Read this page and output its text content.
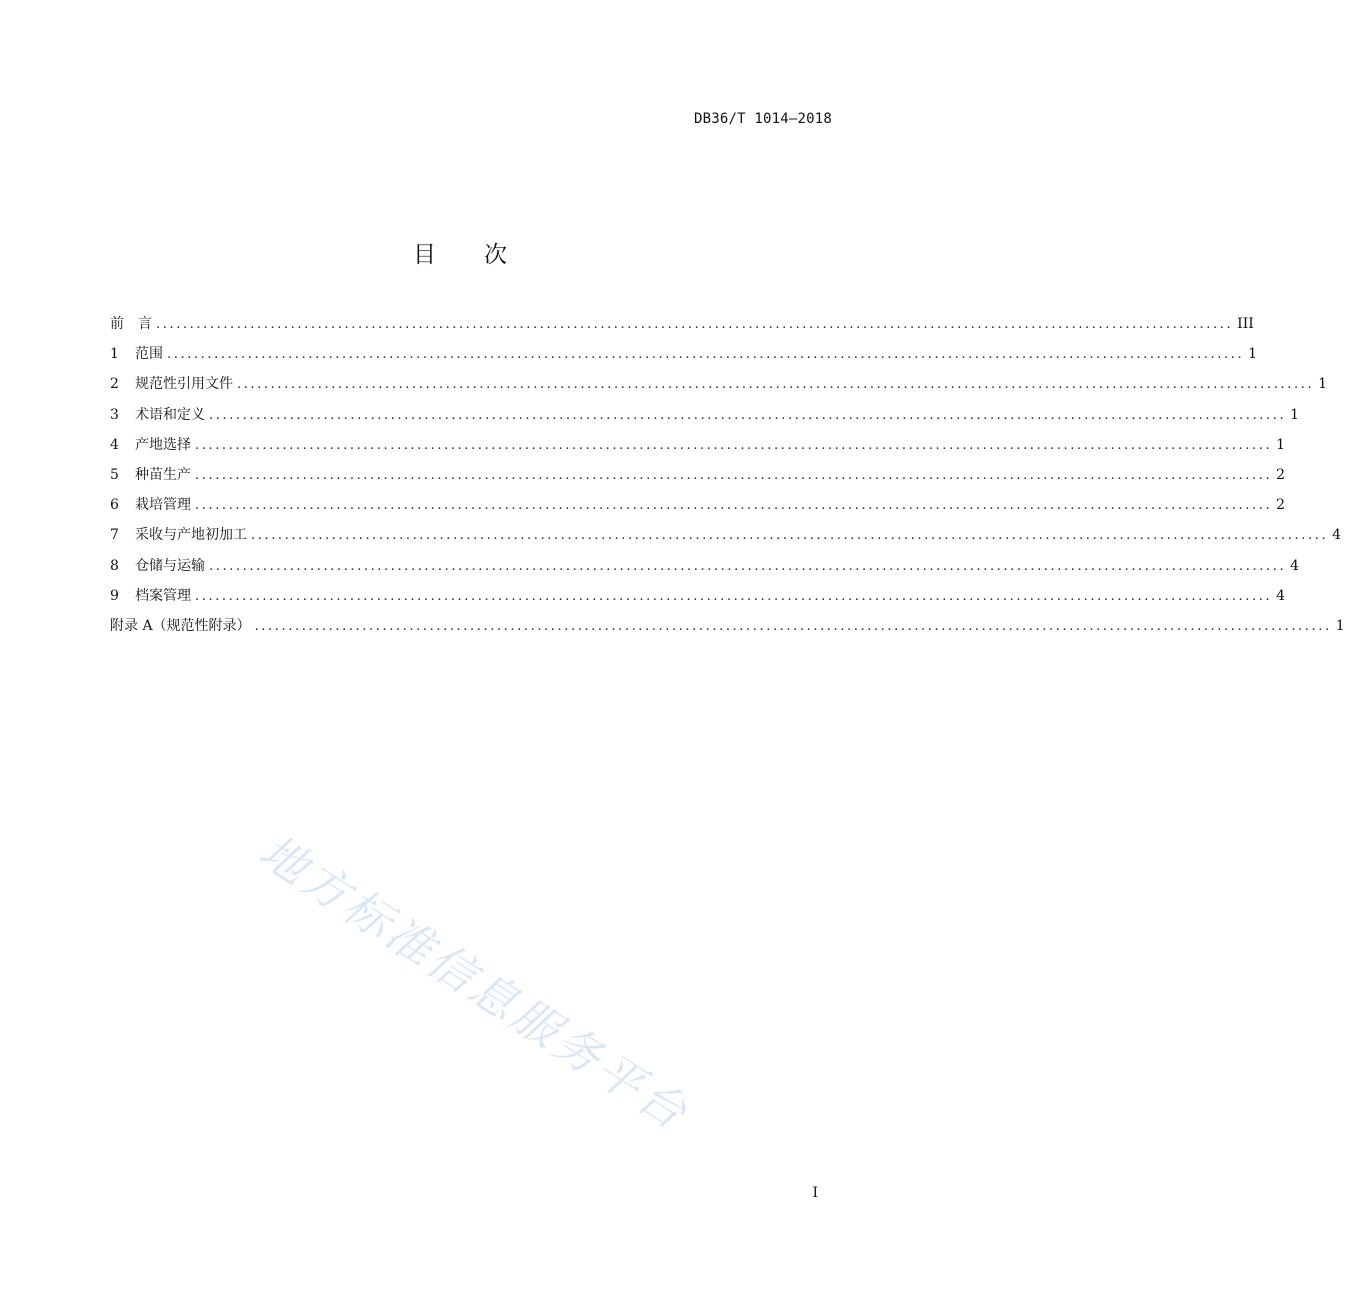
DB36/T 1014—2018
目次
前　言 ................................................................................................................................................................ III
1	范围 ................................................................................................................................................................ 1
2	规范性引用文件 ................................................................................................................................................................ 1
3	术语和定义 ................................................................................................................................................................ 1
4	产地选择 ................................................................................................................................................................ 1
5	种苗生产 ................................................................................................................................................................ 2
6	栽培管理 ................................................................................................................................................................ 2
7	采收与产地初加工 ................................................................................................................................................................ 4
8	仓储与运输 ................................................................................................................................................................ 4
9	档案管理 ................................................................................................................................................................ 4
附录 A（规范性附录） ................................................................................................................................................................ 1
地方标准信息服务平台
I
